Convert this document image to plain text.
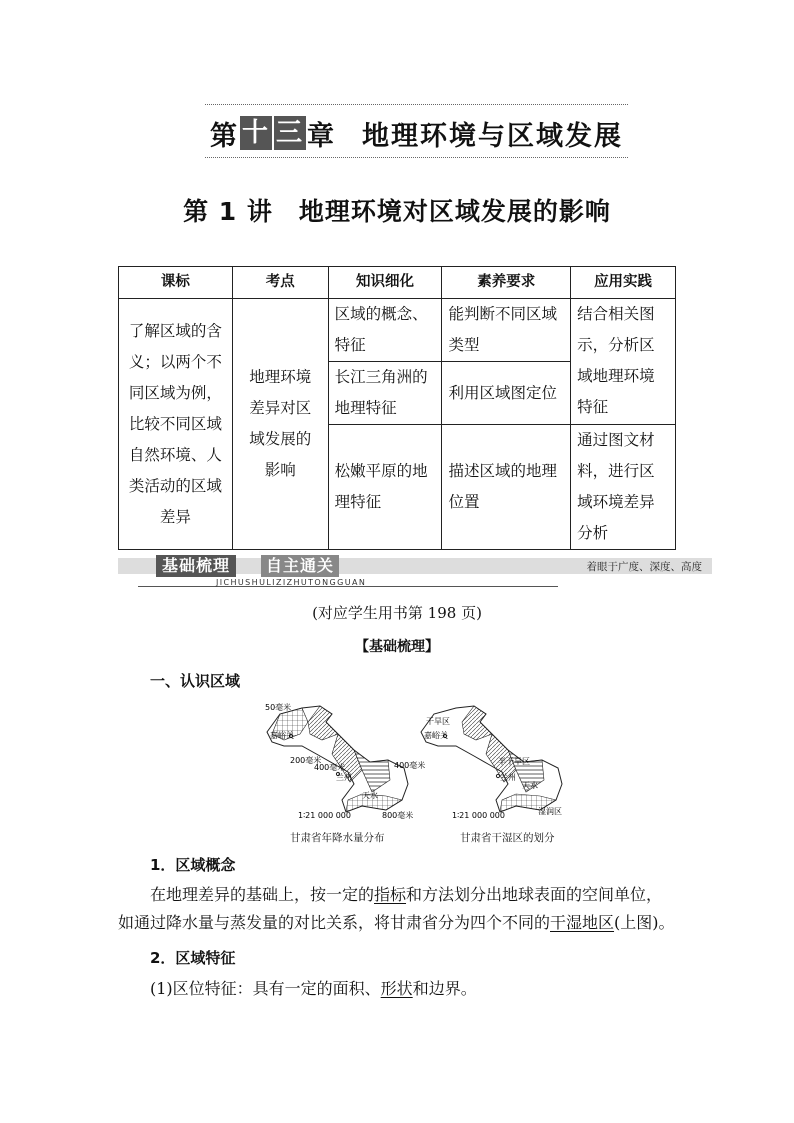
第 十 三 章 地理环境与区域发展
第 1 讲　地理环境对区域发展的影响
课标	考点	知识细化	素养要求	应用实践
了解区域的含义；以两个不同区域为例，比较不同区域自然环境、人类活动的区域差异	地理环境差异对区域发展的影响	区域的概念、特征	能判断不同区域类型	结合相关图示，分析区域地理环境特征
		长江三角洲的地理特征	利用区域图定位	
		松嫩平原的地理特征	描述区域的地理位置	通过图文材料，进行区域环境差异分析
基础梳理	自主通关
JICHUSHULIZIZHUTONGGUAN
着眼于广度、深度、高度
(对应学生用书第 198 页)
【基础梳理】
一、认识区域
50毫米
嘉峪关
200毫米
400毫米
兰州
400毫米
天水
800毫米
1∶21 000 000
甘肃省年降水量分布
干旱区
嘉峪关
半干旱区
兰州
天水
湿润区
1∶21 000 000
甘肃省干湿区的划分
1．区域概念
在地理差异的基础上，按一定的指标和方法划分出地球表面的空间单位，如通过降水量与蒸发量的对比关系，将甘肃省分为四个不同的干湿地区(上图)。
2．区域特征
(1)区位特征：具有一定的面积、形状和边界。
